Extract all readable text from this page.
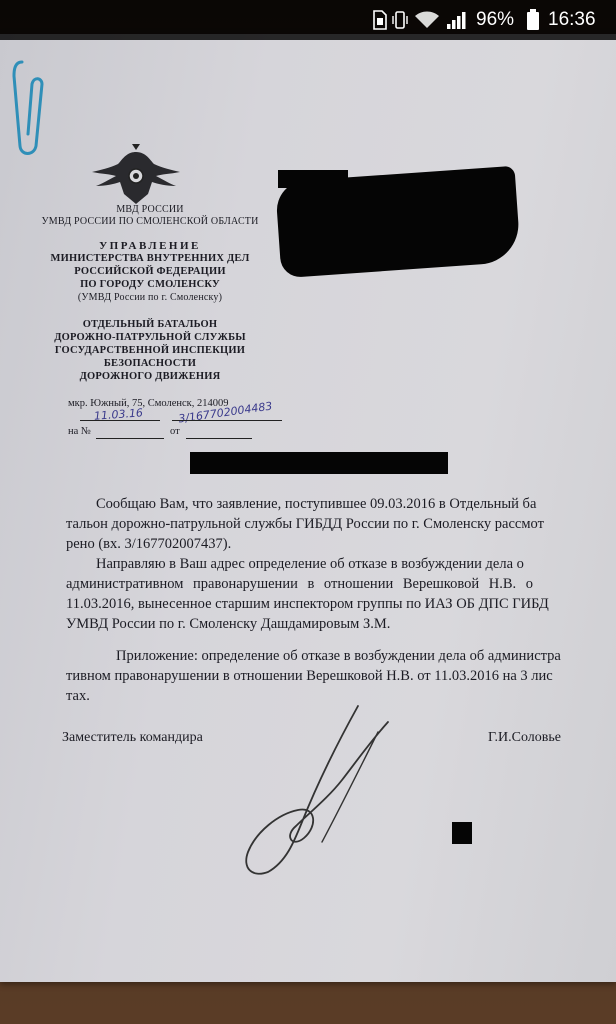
МВД РОССИИ
УМВД РОССИИ ПО СМОЛЕНСКОЙ ОБЛАСТИ
УПРАВЛЕНИЕ
МИНИСТЕРСТВА ВНУТРЕННИХ ДЕЛ
РОССИЙСКОЙ ФЕДЕРАЦИИ
ПО ГОРОДУ СМОЛЕНСКУ
(УМВД России по г. Смоленску)
ОТДЕЛЬНЫЙ БАТАЛЬОН
ДОРОЖНО-ПАТРУЛЬНОЙ СЛУЖБЫ
ГОСУДАРСТВЕННОЙ ИНСПЕКЦИИ
БЕЗОПАСНОСТИ
ДОРОЖНОГО ДВИЖЕНИЯ
мкр. Южный, 75, Смоленск, 214009
11.03.16	3/167702004483
на №	от
Сообщаю Вам, что заявление, поступившее 09.03.2016 в Отдельный ба
тальон дорожно-патрульной службы ГИБДД России по г. Смоленску рассмот
рено (вх. 3/167702007437).
Направляю в Ваш адрес определение об отказе в возбуждении дела о
административном правонарушении в отношении Верешковой Н.В. о
11.03.2016, вынесенное старшим инспектором группы по ИАЗ ОБ ДПС ГИБД
УМВД России по г. Смоленску Дашдамировым З.М.
Приложение: определение об отказе в возбуждении дела об администра
тивном правонарушении в отношении Верешковой Н.В. от 11.03.2016 на 3 лис
тах.
Заместитель командира	Г.И.Соловье
96% 16:36
